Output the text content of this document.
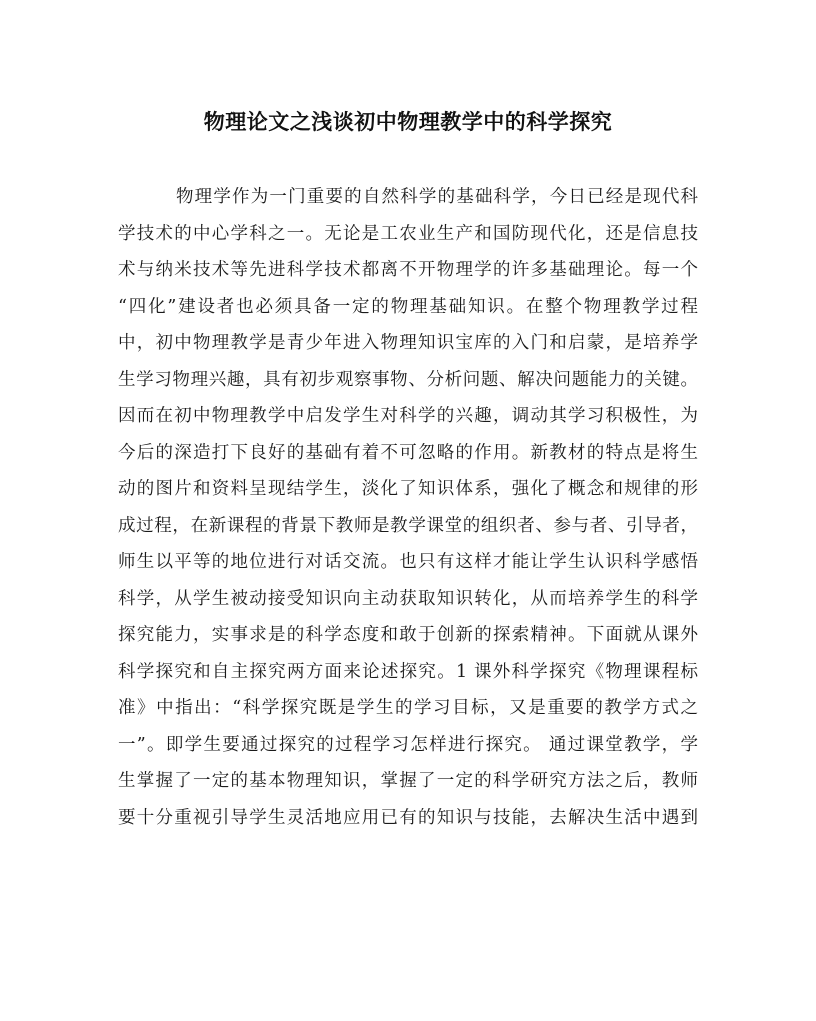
物理论文之浅谈初中物理教学中的科学探究
物理学作为一门重要的自然科学的基础科学，今日已经是现代科
学技术的中心学科之一。无论是工农业生产和国防现代化，还是信息技
术与纳米技术等先进科学技术都离不开物理学的许多基础理论。每一个
“四化”建设者也必须具备一定的物理基础知识。在整个物理教学过程
中，初中物理教学是青少年进入物理知识宝库的入门和启蒙，是培养学
生学习物理兴趣，具有初步观察事物、分析问题、解决问题能力的关键。
因而在初中物理教学中启发学生对科学的兴趣，调动其学习积极性，为
今后的深造打下良好的基础有着不可忽略的作用。新教材的特点是将生
动的图片和资料呈现结学生，淡化了知识体系，强化了概念和规律的形
成过程，在新课程的背景下教师是教学课堂的组织者、参与者、引导者，
师生以平等的地位进行对话交流。也只有这样才能让学生认识科学感悟
科学，从学生被动接受知识向主动获取知识转化，从而培养学生的科学
探究能力，实事求是的科学态度和敢于创新的探索精神。下面就从课外
科学探究和自主探究两方面来论述探究。1 课外科学探究《物理课程标
准》中指出：“科学探究既是学生的学习目标，又是重要的教学方式之
一”。即学生要通过探究的过程学习怎样进行探究。 通过课堂教学，学
生掌握了一定的基本物理知识，掌握了一定的科学研究方法之后，教师
要十分重视引导学生灵活地应用已有的知识与技能，去解决生活中遇到
